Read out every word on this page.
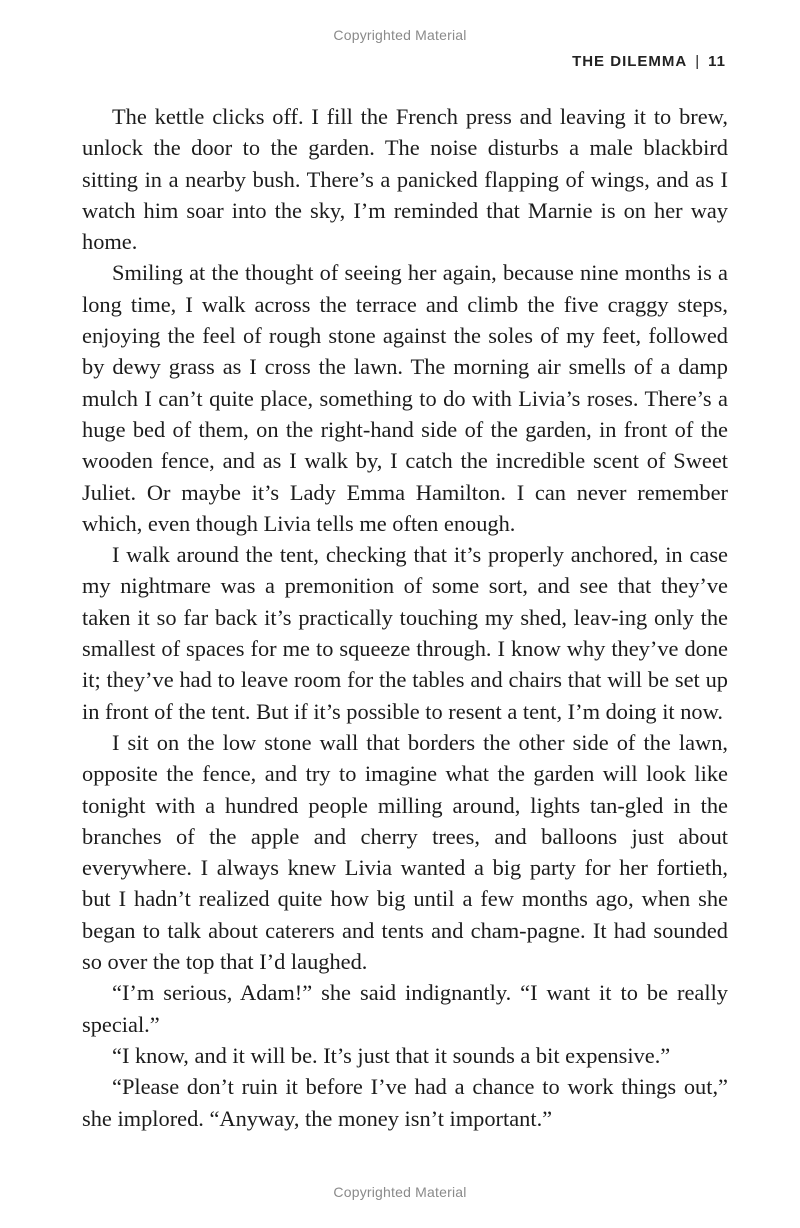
Copyrighted Material
THE DILEMMA | 11

The kettle clicks off. I fill the French press and leaving it to brew, unlock the door to the garden. The noise disturbs a male blackbird sitting in a nearby bush. There’s a panicked flapping of wings, and as I watch him soar into the sky, I’m reminded that Marnie is on her way home.

Smiling at the thought of seeing her again, because nine months is a long time, I walk across the terrace and climb the five craggy steps, enjoying the feel of rough stone against the soles of my feet, followed by dewy grass as I cross the lawn. The morning air smells of a damp mulch I can’t quite place, something to do with Livia’s roses. There’s a huge bed of them, on the right-hand side of the garden, in front of the wooden fence, and as I walk by, I catch the incredible scent of Sweet Juliet. Or maybe it’s Lady Emma Hamilton. I can never remember which, even though Livia tells me often enough.

I walk around the tent, checking that it’s properly anchored, in case my nightmare was a premonition of some sort, and see that they’ve taken it so far back it’s practically touching my shed, leav-ing only the smallest of spaces for me to squeeze through. I know why they’ve done it; they’ve had to leave room for the tables and chairs that will be set up in front of the tent. But if it’s possible to resent a tent, I’m doing it now.

I sit on the low stone wall that borders the other side of the lawn, opposite the fence, and try to imagine what the garden will look like tonight with a hundred people milling around, lights tan-gled in the branches of the apple and cherry trees, and balloons just about everywhere. I always knew Livia wanted a big party for her fortieth, but I hadn’t realized quite how big until a few months ago, when she began to talk about caterers and tents and cham-pagne. It had sounded so over the top that I’d laughed.

“I’m serious, Adam!” she said indignantly. “I want it to be really special.”

“I know, and it will be. It’s just that it sounds a bit expensive.”

“Please don’t ruin it before I’ve had a chance to work things out,” she implored. “Anyway, the money isn’t important.”

Copyrighted Material
